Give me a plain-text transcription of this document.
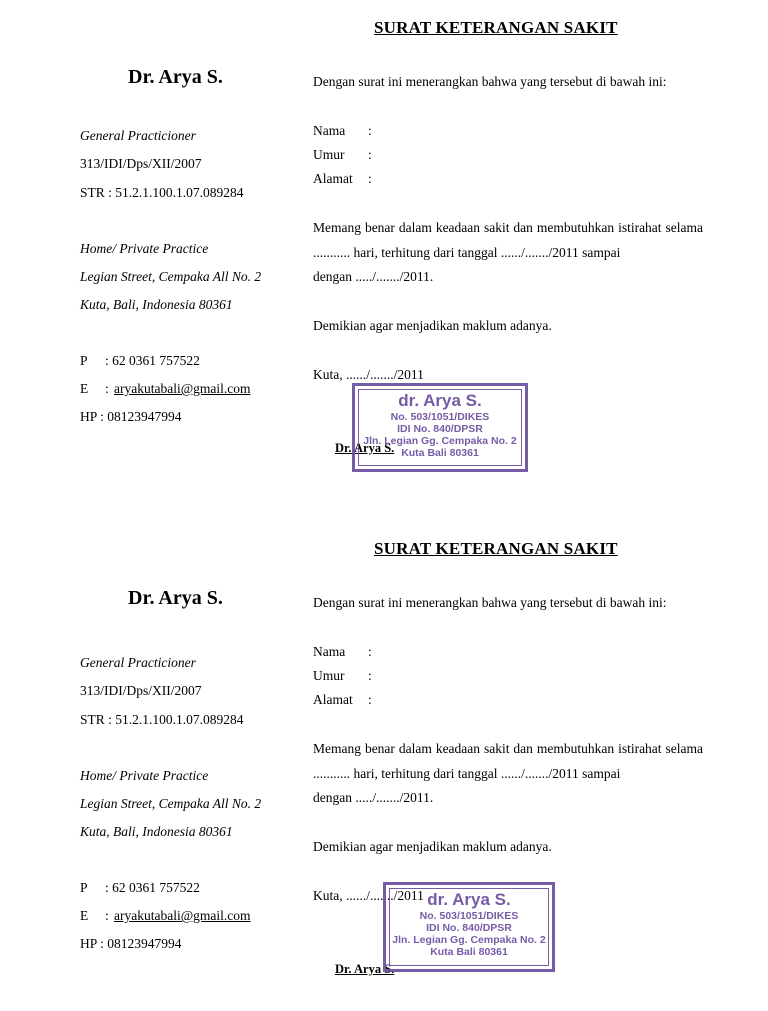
SURAT KETERANGAN SAKIT
Dr. Arya S.
General Practicioner
313/IDI/Dps/XII/2007
STR : 51.2.1.100.1.07.089284
Home/ Private Practice
Legian Street, Cempaka All No. 2
Kuta, Bali, Indonesia 80361
P : 62 0361 757522
E : aryakutabali@gmail.com
HP : 08123947994
Dengan surat ini menerangkan bahwa yang tersebut di bawah ini:
Nama :
Umur :
Alamat :
Memang benar dalam keadaan sakit dan membutuhkan istirahat selama ........... hari, terhitung dari tanggal ....../......./2011 sampai
dengan ...../......./2011.
Demikian agar menjadikan maklum adanya.
Kuta, ....../......./2011
Dr. Arya S.
dr. Arya S.
No. 503/1051/DIKES
IDI No. 840/DPSR
Jln. Legian Gg. Cempaka No. 2
Kuta Bali 80361
SURAT KETERANGAN SAKIT
Dr. Arya S.
General Practicioner
313/IDI/Dps/XII/2007
STR : 51.2.1.100.1.07.089284
Home/ Private Practice
Legian Street, Cempaka All No. 2
Kuta, Bali, Indonesia 80361
P : 62 0361 757522
E : aryakutabali@gmail.com
HP : 08123947994
Dengan surat ini menerangkan bahwa yang tersebut di bawah ini:
Nama :
Umur :
Alamat :
Memang benar dalam keadaan sakit dan membutuhkan istirahat selama ........... hari, terhitung dari tanggal ....../......./2011 sampai
dengan ...../......./2011.
Demikian agar menjadikan maklum adanya.
Kuta, ....../......./2011
Dr. Arya S.
dr. Arya S.
No. 503/1051/DIKES
IDI No. 840/DPSR
Jln. Legian Gg. Cempaka No. 2
Kuta Bali 80361
